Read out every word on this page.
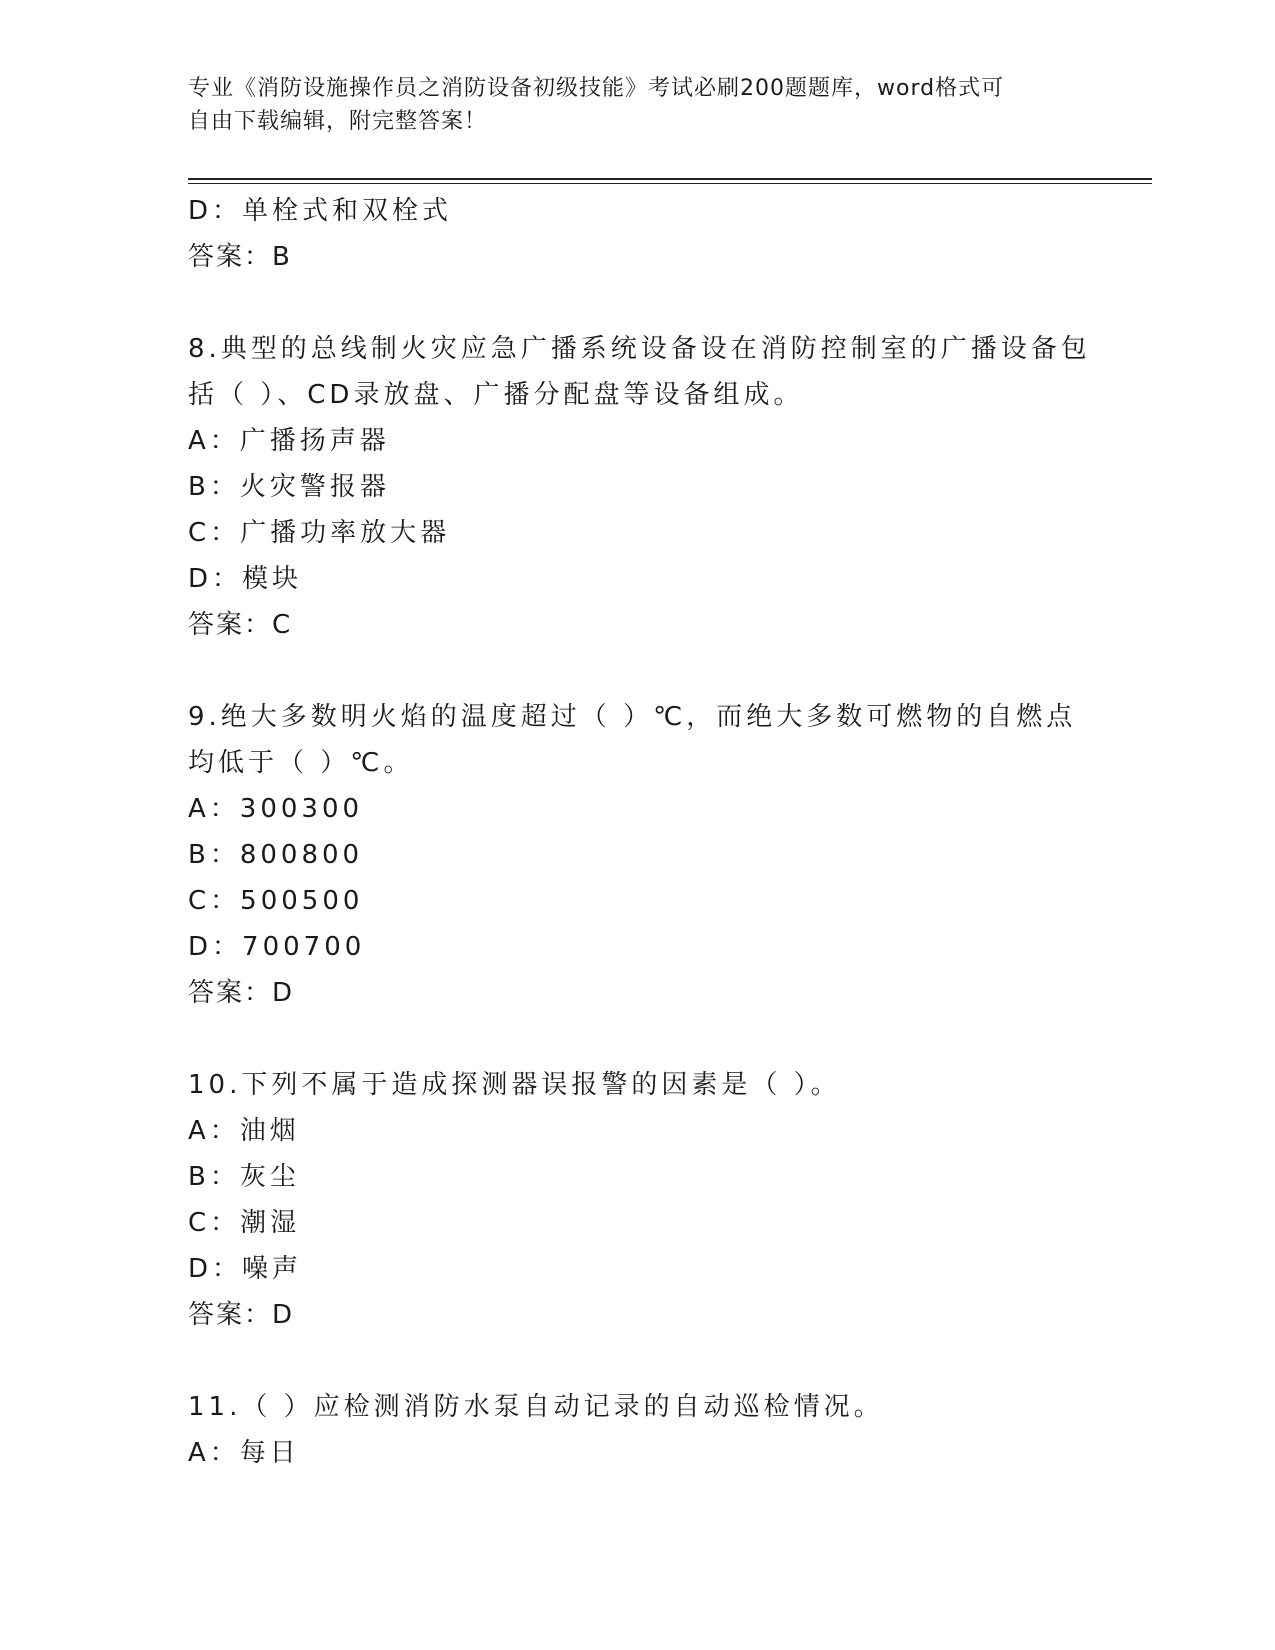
专业《消防设施操作员之消防设备初级技能》考试必刷200题题库，word格式可
自由下载编辑，附完整答案！
D：单栓式和双栓式
答案：B
8.典型的总线制火灾应急广播系统设备设在消防控制室的广播设备包
括（ ）、CD录放盘、广播分配盘等设备组成。
A：广播扬声器
B：火灾警报器
C：广播功率放大器
D：模块
答案：C
9.绝大多数明火焰的温度超过（ ）℃，而绝大多数可燃物的自燃点
均低于（ ）℃。
A：300300
B：800800
C：500500
D：700700
答案：D
10.下列不属于造成探测器误报警的因素是（ ）。
A：油烟
B：灰尘
C：潮湿
D：噪声
答案：D
11.（ ）应检测消防水泵自动记录的自动巡检情况。
A：每日
